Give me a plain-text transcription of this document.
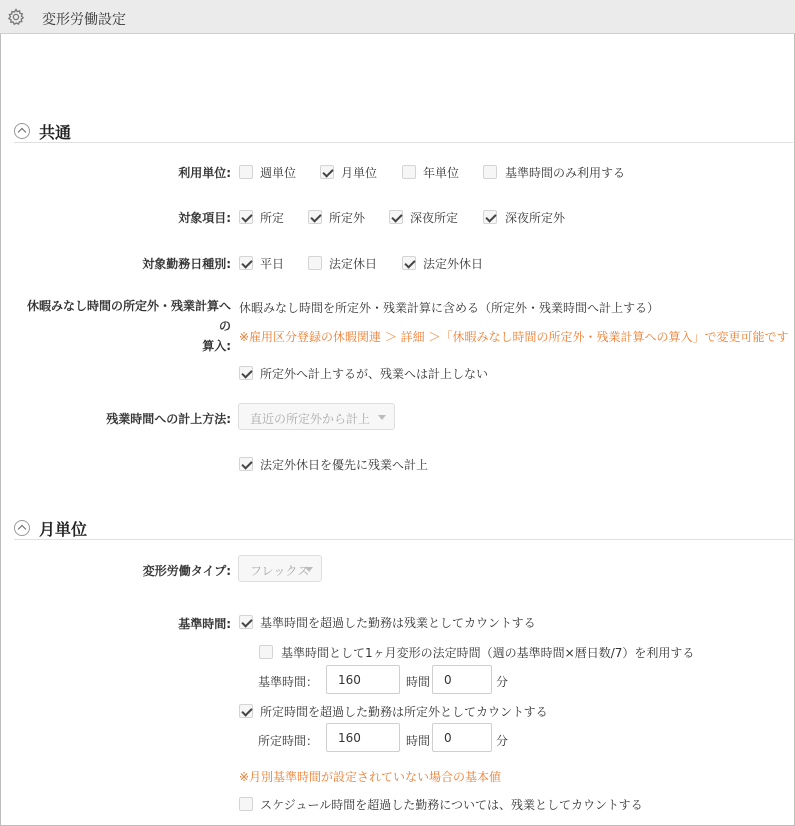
変形労働設定
共通
利用単位: 週単位	月単位	年単位	基準時間のみ利用する
対象項目: 所定	所定外	深夜所定	深夜所定外
対象勤務日種別: 平日	法定休日	法定外休日
休暇みなし時間の所定外・残業計算への
算入:
休暇みなし時間を所定外・残業計算に含める（所定外・残業時間へ計上する）
※雇用区分登録の休暇関連 ＞ 詳細 ＞「休暇みなし時間の所定外・残業計算への算入」で変更可能です
所定外へ計上するが、残業へは計上しない
残業時間への計上方法:	直近の所定外から計上
法定外休日を優先に残業へ計上
月単位
変形労働タイプ:	フレックス
基準時間: 基準時間を超過した勤務は残業としてカウントする
基準時間として1ヶ月変形の法定時間（週の基準時間×暦日数/7）を利用する
基準時間：	160	時間	0	分
所定時間を超過した勤務は所定外としてカウントする
所定時間：	160	時間	0	分
※月別基準時間が設定されていない場合の基本値
スケジュール時間を超過した勤務については、残業としてカウントする
